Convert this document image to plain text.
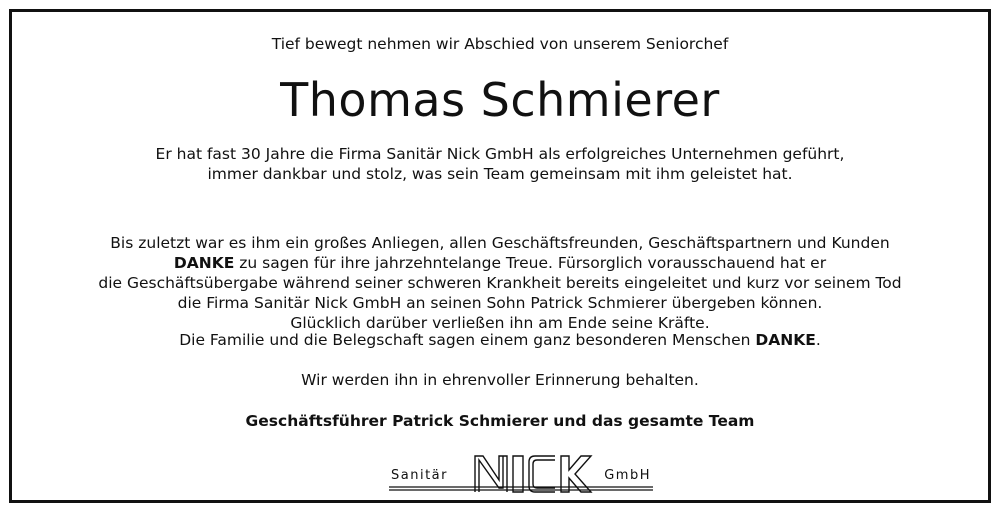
Tief bewegt nehmen wir Abschied von unserem Seniorchef
Thomas Schmierer
Er hat fast 30 Jahre die Firma Sanitär Nick GmbH als erfolgreiches Unternehmen geführt,
immer dankbar und stolz, was sein Team gemeinsam mit ihm geleistet hat.
Bis zuletzt war es ihm ein großes Anliegen, allen Geschäftsfreunden, Geschäftspartnern und Kunden
DANKE zu sagen für ihre jahrzehntelange Treue. Fürsorglich vorausschauend hat er
die Geschäftsübergabe während seiner schweren Krankheit bereits eingeleitet und kurz vor seinem Tod
die Firma Sanitär Nick GmbH an seinen Sohn Patrick Schmierer übergeben können.
Glücklich darüber verließen ihn am Ende seine Kräfte.
Die Familie und die Belegschaft sagen einem ganz besonderen Menschen DANKE.
Wir werden ihn in ehrenvoller Erinnerung behalten.
Geschäftsführer Patrick Schmierer und das gesamte Team
Sanitär	GmbH
